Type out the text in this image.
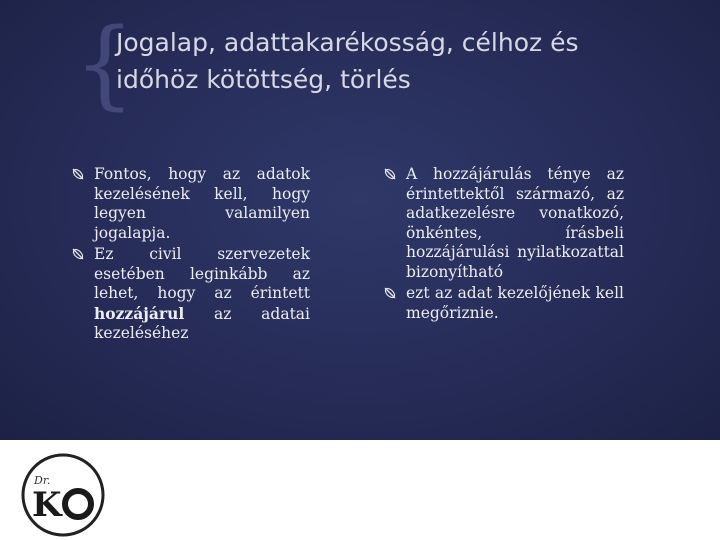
{
Jogalap, adattakarékosság, célhoz és
időhöz kötöttség, törlés
Fontos, hogy az adatok kezelésének kell, hogy legyen valamilyen jogalapja.
Ez civil szervezetek esetében leginkább az lehet, hogy az érintett hozzájárul az adatai kezeléséhez
A hozzájárulás ténye az érintettektől származó, az adatkezelésre vonatkozó, önkéntes, írásbeli hozzájárulási nyilatkozattal bizonyítható
ezt az adat kezelőjének kell megőriznie.
Dr.
K
